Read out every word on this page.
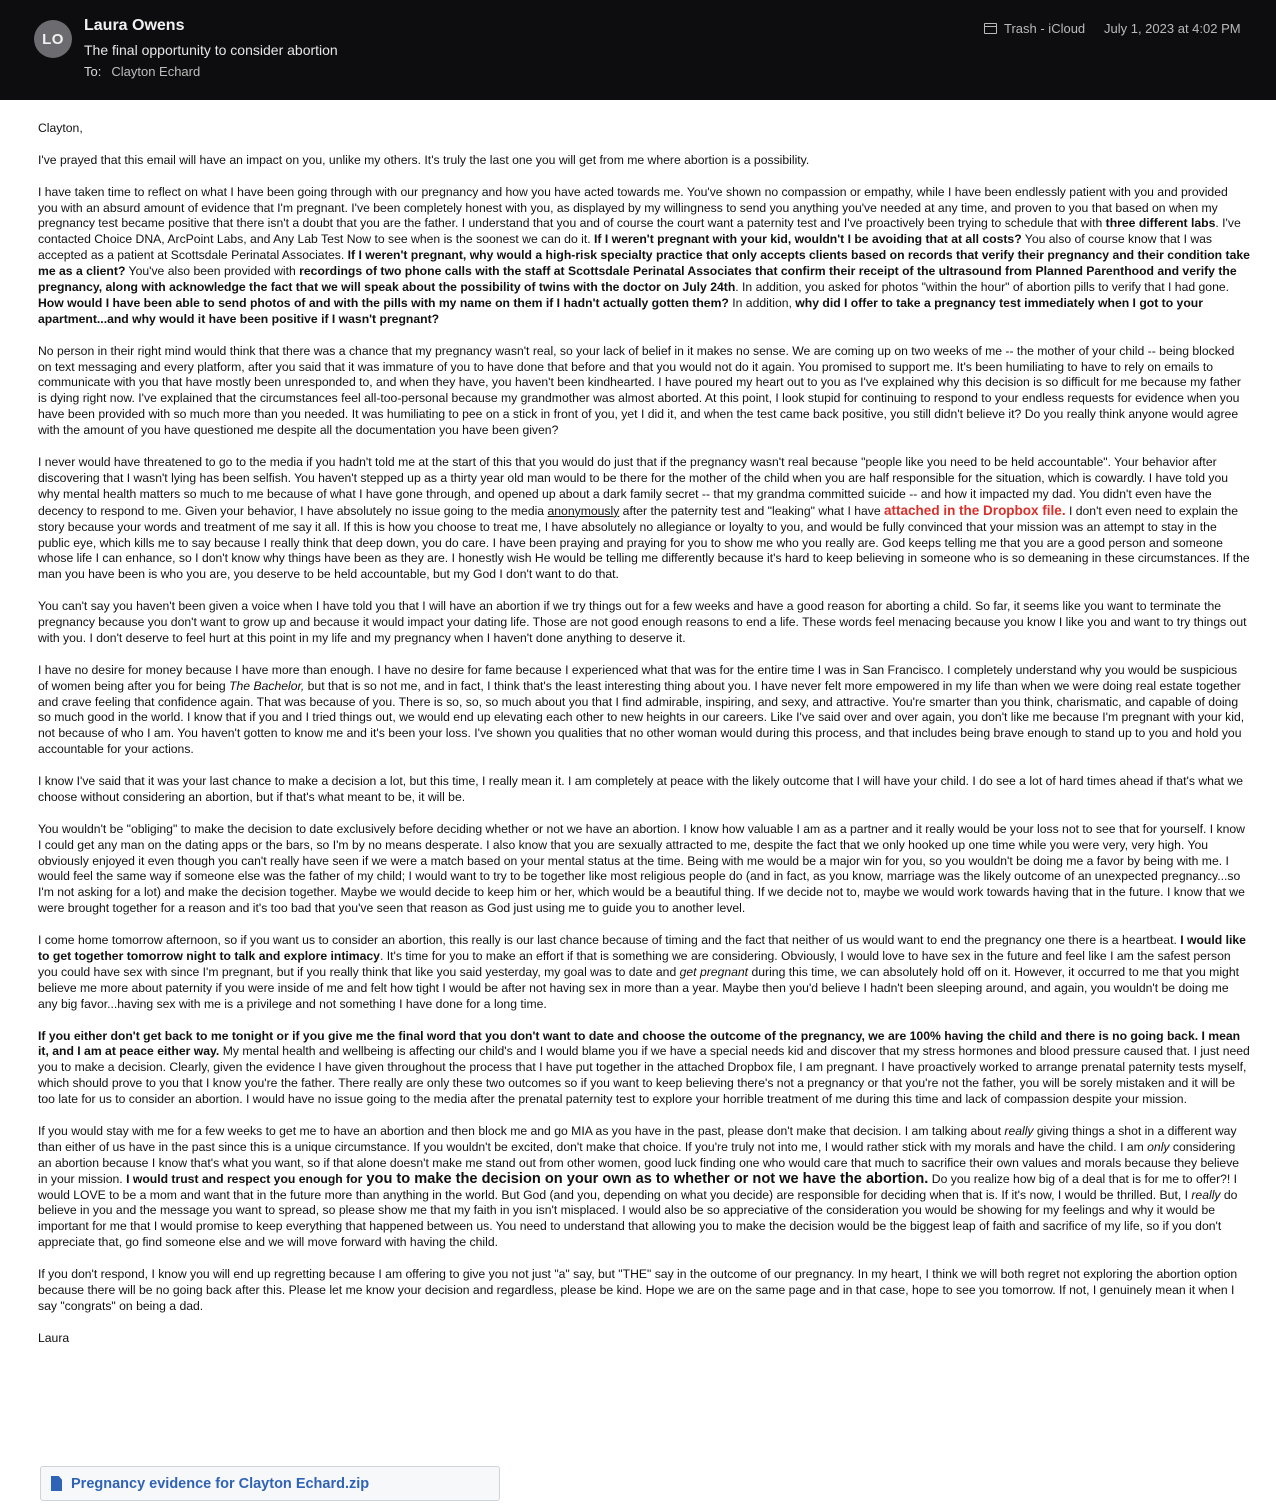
LO
Laura Owens
The final opportunity to consider abortion
To: Clayton Echard
Trash - iCloud July 1, 2023 at 4:02 PM

Clayton,

I've prayed that this email will have an impact on you, unlike my others. It's truly the last one you will get from me where abortion is a possibility.

I have taken time to reflect on what I have been going through with our pregnancy and how you have acted towards me. You've shown no compassion or empathy, while I have been endlessly patient with you and provided you with an absurd amount of evidence that I'm pregnant. I've been completely honest with you, as displayed by my willingness to send you anything you've needed at any time, and proven to you that based on when my pregnancy test became positive that there isn't a doubt that you are the father. I understand that you and of course the court want a paternity test and I've proactively been trying to schedule that with three different labs. I've contacted Choice DNA, ArcPoint Labs, and Any Lab Test Now to see when is the soonest we can do it. If I weren't pregnant with your kid, wouldn't I be avoiding that at all costs? You also of course know that I was accepted as a patient at Scottsdale Perinatal Associates. If I weren't pregnant, why would a high-risk specialty practice that only accepts clients based on records that verify their pregnancy and their condition take me as a client? You've also been provided with recordings of two phone calls with the staff at Scottsdale Perinatal Associates that confirm their receipt of the ultrasound from Planned Parenthood and verify the pregnancy, along with acknowledge the fact that we will speak about the possibility of twins with the doctor on July 24th. In addition, you asked for photos "within the hour" of abortion pills to verify that I had gone. How would I have been able to send photos of and with the pills with my name on them if I hadn't actually gotten them? In addition, why did I offer to take a pregnancy test immediately when I got to your apartment...and why would it have been positive if I wasn't pregnant?

No person in their right mind would think that there was a chance that my pregnancy wasn't real, so your lack of belief in it makes no sense. We are coming up on two weeks of me -- the mother of your child -- being blocked on text messaging and every platform, after you said that it was immature of you to have done that before and that you would not do it again. You promised to support me. It's been humiliating to have to rely on emails to communicate with you that have mostly been unresponded to, and when they have, you haven't been kindhearted. I have poured my heart out to you as I've explained why this decision is so difficult for me because my father is dying right now. I've explained that the circumstances feel all-too-personal because my grandmother was almost aborted. At this point, I look stupid for continuing to respond to your endless requests for evidence when you have been provided with so much more than you needed. It was humiliating to pee on a stick in front of you, yet I did it, and when the test came back positive, you still didn't believe it? Do you really think anyone would agree with the amount of you have questioned me despite all the documentation you have been given?

I never would have threatened to go to the media if you hadn't told me at the start of this that you would do just that if the pregnancy wasn't real because "people like you need to be held accountable". Your behavior after discovering that I wasn't lying has been selfish. You haven't stepped up as a thirty year old man would to be there for the mother of the child when you are half responsible for the situation, which is cowardly. I have told you why mental health matters so much to me because of what I have gone through, and opened up about a dark family secret -- that my grandma committed suicide -- and how it impacted my dad. You didn't even have the decency to respond to me. Given your behavior, I have absolutely no issue going to the media anonymously after the paternity test and "leaking" what I have attached in the Dropbox file. I don't even need to explain the story because your words and treatment of me say it all. If this is how you choose to treat me, I have absolutely no allegiance or loyalty to you, and would be fully convinced that your mission was an attempt to stay in the public eye, which kills me to say because I really think that deep down, you do care. I have been praying and praying for you to show me who you really are. God keeps telling me that you are a good person and someone whose life I can enhance, so I don't know why things have been as they are. I honestly wish He would be telling me differently because it's hard to keep believing in someone who is so demeaning in these circumstances. If the man you have been is who you are, you deserve to be held accountable, but my God I don't want to do that.

You can't say you haven't been given a voice when I have told you that I will have an abortion if we try things out for a few weeks and have a good reason for aborting a child. So far, it seems like you want to terminate the pregnancy because you don't want to grow up and because it would impact your dating life. Those are not good enough reasons to end a life. These words feel menacing because you know I like you and want to try things out with you. I don't deserve to feel hurt at this point in my life and my pregnancy when I haven't done anything to deserve it.

I have no desire for money because I have more than enough. I have no desire for fame because I experienced what that was for the entire time I was in San Francisco. I completely understand why you would be suspicious of women being after you for being The Bachelor, but that is so not me, and in fact, I think that's the least interesting thing about you. I have never felt more empowered in my life than when we were doing real estate together and crave feeling that confidence again. That was because of you. There is so, so, so much about you that I find admirable, inspiring, and sexy, and attractive. You're smarter than you think, charismatic, and capable of doing so much good in the world. I know that if you and I tried things out, we would end up elevating each other to new heights in our careers. Like I've said over and over again, you don't like me because I'm pregnant with your kid, not because of who I am. You haven't gotten to know me and it's been your loss. I've shown you qualities that no other woman would during this process, and that includes being brave enough to stand up to you and hold you accountable for your actions.

I know I've said that it was your last chance to make a decision a lot, but this time, I really mean it. I am completely at peace with the likely outcome that I will have your child. I do see a lot of hard times ahead if that's what we choose without considering an abortion, but if that's what meant to be, it will be.

You wouldn't be "obliging" to make the decision to date exclusively before deciding whether or not we have an abortion. I know how valuable I am as a partner and it really would be your loss not to see that for yourself. I know I could get any man on the dating apps or the bars, so I'm by no means desperate. I also know that you are sexually attracted to me, despite the fact that we only hooked up one time while you were very, very high. You obviously enjoyed it even though you can't really have seen if we were a match based on your mental status at the time. Being with me would be a major win for you, so you wouldn't be doing me a favor by being with me. I would feel the same way if someone else was the father of my child; I would want to try to be together like most religious people do (and in fact, as you know, marriage was the likely outcome of an unexpected pregnancy...so I'm not asking for a lot) and make the decision together. Maybe we would decide to keep him or her, which would be a beautiful thing. If we decide not to, maybe we would work towards having that in the future. I know that we were brought together for a reason and it's too bad that you've seen that reason as God just using me to guide you to another level.

I come home tomorrow afternoon, so if you want us to consider an abortion, this really is our last chance because of timing and the fact that neither of us would want to end the pregnancy one there is a heartbeat. I would like to get together tomorrow night to talk and explore intimacy. It's time for you to make an effort if that is something we are considering. Obviously, I would love to have sex in the future and feel like I am the safest person you could have sex with since I'm pregnant, but if you really think that like you said yesterday, my goal was to date and get pregnant during this time, we can absolutely hold off on it. However, it occurred to me that you might believe me more about paternity if you were inside of me and felt how tight I would be after not having sex in more than a year. Maybe then you'd believe I hadn't been sleeping around, and again, you wouldn't be doing me any big favor...having sex with me is a privilege and not something I have done for a long time.

If you either don't get back to me tonight or if you give me the final word that you don't want to date and choose the outcome of the pregnancy, we are 100% having the child and there is no going back. I mean it, and I am at peace either way. My mental health and wellbeing is affecting our child's and I would blame you if we have a special needs kid and discover that my stress hormones and blood pressure caused that. I just need you to make a decision. Clearly, given the evidence I have given throughout the process that I have put together in the attached Dropbox file, I am pregnant. I have proactively worked to arrange prenatal paternity tests myself, which should prove to you that I know you're the father. There really are only these two outcomes so if you want to keep believing there's not a pregnancy or that you're not the father, you will be sorely mistaken and it will be too late for us to consider an abortion. I would have no issue going to the media after the prenatal paternity test to explore your horrible treatment of me during this time and lack of compassion despite your mission.

If you would stay with me for a few weeks to get me to have an abortion and then block me and go MIA as you have in the past, please don't make that decision. I am talking about really giving things a shot in a different way than either of us have in the past since this is a unique circumstance. If you wouldn't be excited, don't make that choice. If you're truly not into me, I would rather stick with my morals and have the child. I am only considering an abortion because I know that's what you want, so if that alone doesn't make me stand out from other women, good luck finding one who would care that much to sacrifice their own values and morals because they believe in your mission. I would trust and respect you enough for you to make the decision on your own as to whether or not we have the abortion. Do you realize how big of a deal that is for me to offer?! I would LOVE to be a mom and want that in the future more than anything in the world. But God (and you, depending on what you decide) are responsible for deciding when that is. If it's now, I would be thrilled. But, I really do believe in you and the message you want to spread, so please show me that my faith in you isn't misplaced. I would also be so appreciative of the consideration you would be showing for my feelings and why it would be important for me that I would promise to keep everything that happened between us. You need to understand that allowing you to make the decision would be the biggest leap of faith and sacrifice of my life, so if you don't appreciate that, go find someone else and we will move forward with having the child.

If you don't respond, I know you will end up regretting because I am offering to give you not just "a" say, but "THE" say in the outcome of our pregnancy. In my heart, I think we will both regret not exploring the abortion option because there will be no going back after this. Please let me know your decision and regardless, please be kind. Hope we are on the same page and in that case, hope to see you tomorrow. If not, I genuinely mean it when I say "congrats" on being a dad.

Laura

Pregnancy evidence for Clayton Echard.zip
